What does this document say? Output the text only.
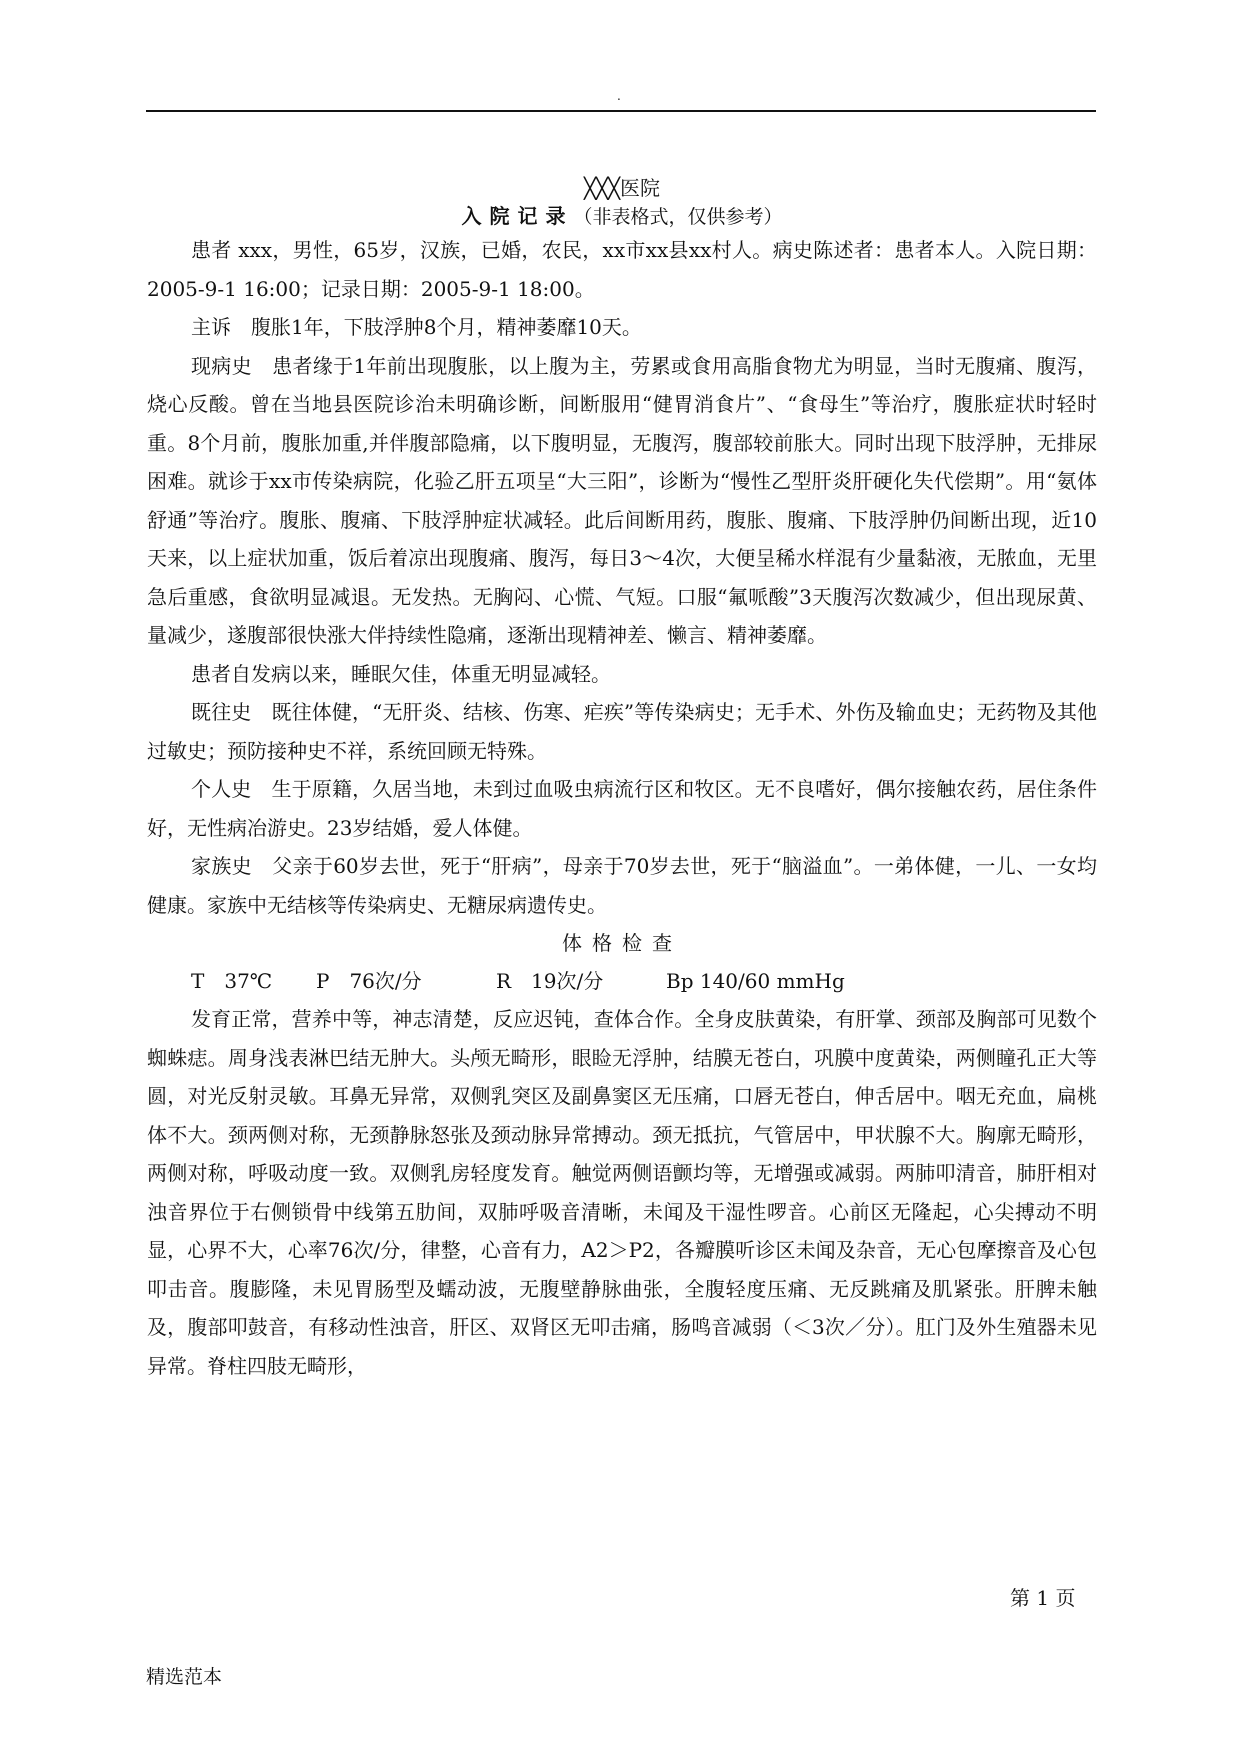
.
╳╳╳医院
入院记录（非表格式，仅供参考）

患者 xxx，男性，65岁，汉族，已婚，农民，xx市xx县xx村人。病史陈述者：患者本人。入院日期：2005-9-1 16:00；记录日期：2005-9-1 18:00。

主诉　腹胀1年，下肢浮肿8个月，精神萎靡10天。

现病史　患者缘于1年前出现腹胀，以上腹为主，劳累或食用高脂食物尤为明显，当时无腹痛、腹泻，烧心反酸。曾在当地县医院诊治未明确诊断，间断服用“健胃消食片”、“食母生”等治疗，腹胀症状时轻时重。8个月前，腹胀加重,并伴腹部隐痛，以下腹明显，无腹泻，腹部较前胀大。同时出现下肢浮肿，无排尿困难。就诊于xx市传染病院，化验乙肝五项呈“大三阳”，诊断为“慢性乙型肝炎肝硬化失代偿期”。用“氨体舒通”等治疗。腹胀、腹痛、下肢浮肿症状减轻。此后间断用药，腹胀、腹痛、下肢浮肿仍间断出现，近10天来，以上症状加重，饭后着凉出现腹痛、腹泻，每日3～4次，大便呈稀水样混有少量黏液，无脓血，无里急后重感，食欲明显减退。无发热。无胸闷、心慌、气短。口服“氟哌酸”3天腹泻次数减少，但出现尿黄、量减少，遂腹部很快涨大伴持续性隐痛，逐渐出现精神差、懒言、精神萎靡。

患者自发病以来，睡眠欠佳，体重无明显减轻。

既往史　既往体健，“无肝炎、结核、伤寒、疟疾”等传染病史；无手术、外伤及输血史；无药物及其他过敏史；预防接种史不祥，系统回顾无特殊。

个人史　生于原籍，久居当地，未到过血吸虫病流行区和牧区。无不良嗜好，偶尔接触农药，居住条件好，无性病冶游史。23岁结婚，爱人体健。

家族史　父亲于60岁去世，死于“肝病”，母亲于70岁去世，死于“脑溢血”。一弟体健，一儿、一女均健康。家族中无结核等传染病史、无糖尿病遗传史。

体格检查
T　37℃	P　76次/分	R　19次/分	Bp 140/60 mmHg

发育正常，营养中等，神志清楚，反应迟钝，查体合作。全身皮肤黄染，有肝掌、颈部及胸部可见数个蜘蛛痣。周身浅表淋巴结无肿大。头颅无畸形，眼睑无浮肿，结膜无苍白，巩膜中度黄染，两侧瞳孔正大等圆，对光反射灵敏。耳鼻无异常，双侧乳突区及副鼻窦区无压痛，口唇无苍白，伸舌居中。咽无充血，扁桃体不大。颈两侧对称，无颈静脉怒张及颈动脉异常搏动。颈无抵抗，气管居中，甲状腺不大。胸廓无畸形，两侧对称，呼吸动度一致。双侧乳房轻度发育。触觉两侧语颤均等，无增强或减弱。两肺叩清音，肺肝相对浊音界位于右侧锁骨中线第五肋间，双肺呼吸音清晰，未闻及干湿性啰音。心前区无隆起，心尖搏动不明显，心界不大，心率76次/分，律整，心音有力，A2＞P2，各瓣膜听诊区未闻及杂音，无心包摩擦音及心包叩击音。腹膨隆，未见胃肠型及蠕动波，无腹壁静脉曲张，全腹轻度压痛、无反跳痛及肌紧张。肝脾未触及，腹部叩鼓音，有移动性浊音，肝区、双肾区无叩击痛，肠鸣音减弱（＜3次／分）。肛门及外生殖器未见异常。脊柱四肢无畸形，

第 1 页
精选范本
